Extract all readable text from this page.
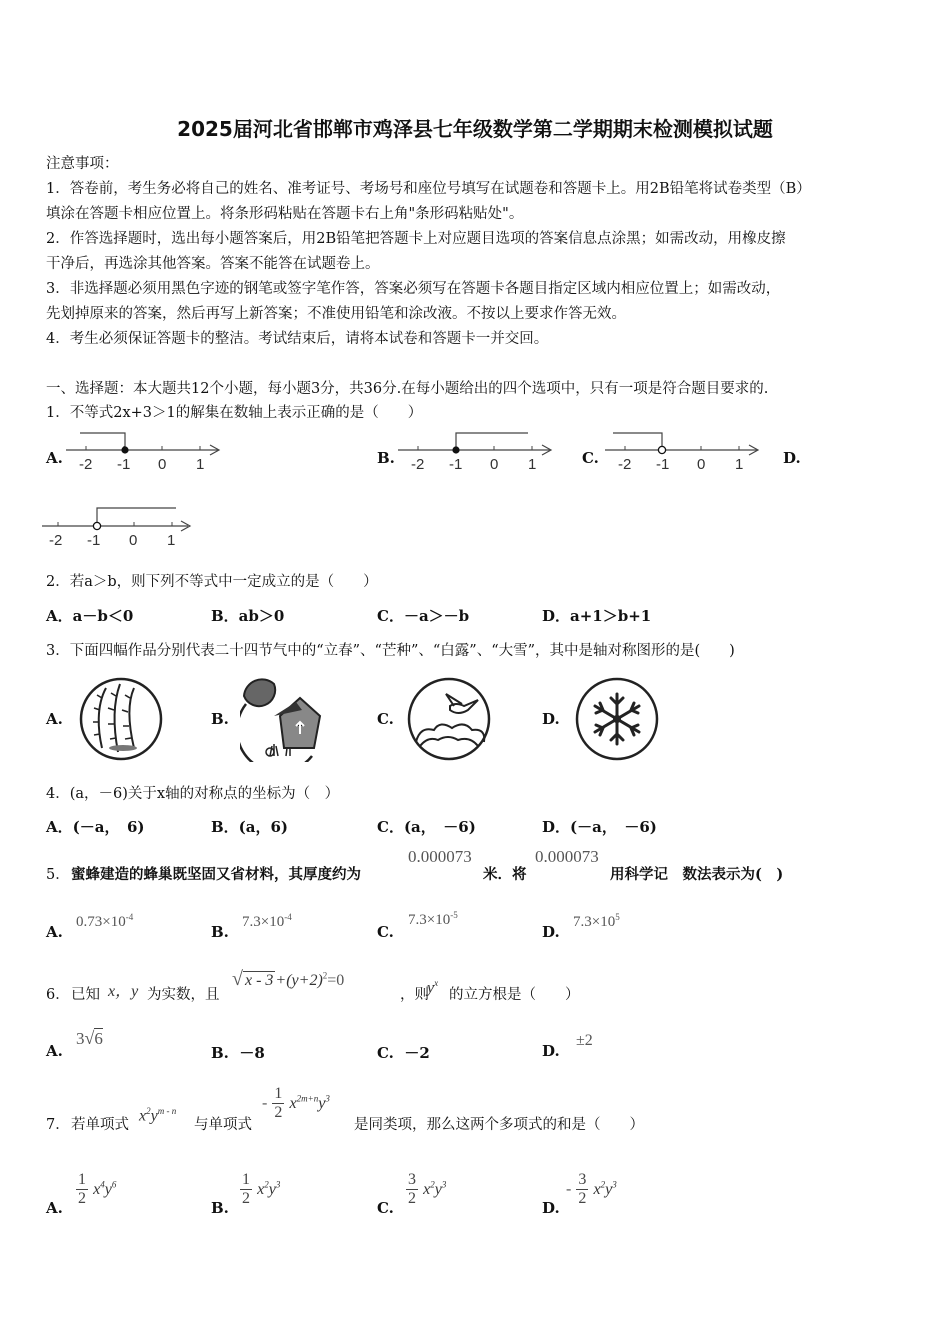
2025届河北省邯郸市鸡泽县七年级数学第二学期期末检测模拟试题
注意事项：
1．答卷前，考生务必将自己的姓名、准考证号、考场号和座位号填写在试题卷和答题卡上。用2B铅笔将试卷类型（B）
填涂在答题卡相应位置上。将条形码粘贴在答题卡右上角"条形码粘贴处"。
2．作答选择题时，选出每小题答案后，用2B铅笔把答题卡上对应题目选项的答案信息点涂黑；如需改动，用橡皮擦
干净后，再选涂其他答案。答案不能答在试题卷上。
3．非选择题必须用黑色字迹的钢笔或签字笔作答，答案必须写在答题卡各题目指定区域内相应位置上；如需改动，
先划掉原来的答案，然后再写上新答案；不准使用铅笔和涂改液。不按以上要求作答无效。
4．考生必须保证答题卡的整洁。考试结束后，请将本试卷和答题卡一并交回。
一、选择题：本大题共12个小题，每小题3分，共36分.在每小题给出的四个选项中，只有一项是符合题目要求的.
1．不等式2x+3＞1的解集在数轴上表示正确的是（　　）
A.	B.	C.	D.
-2 -1 0 1	-2 -1 0 1	-2 -1 0 1
-2 -1 0 1
2．若a＞b，则下列不等式中一定成立的是（　　）
A．a－b＜0	B．ab＞0	C．－a＞－b	D．a+1＞b+1
3．下面四幅作品分别代表二十四节气中的“立春”、“芒种”、“白露”、“大雪”，其中是轴对称图形的是(　　)
A.	B.	C.	D.
4．(a，－6)关于x轴的对称点的坐标为（　）
A．(－a，　6)	B．(a，6)	C．(a，　－6)	D．(－a，　－6)
5． 蜜蜂建造的蜂巢既坚固又省材料，其厚度约为
0.000073
米．将
0.000073
用科学记　数法表示为(　)
A.
$0.73\times 10^{-4}$
B.
$7.3\times 10^{-4}$
C.
$7.3\times 10^{-5}$
D.
$7.3\times 10^5$
6． 已知 x，y 为实数，且
√ $x - 3 +(y+2)^2=0$
，则
$y^x$
的立方根是（　　）
A.
3√6
B. －8	C. －2	D.
±2
7． 若单项式
$x^2y^{m - n}$
与单项式
- $\frac{1}{2} x^{2m+n}y^3$
是同类项，那么这两个多项式的和是（　　）
A. $\frac{1}{2} x^4y^6$
B. $\frac{1}{2} x^2y^3$
C. $\frac{3}{2} x^2y^3$
D.
- $\frac{3}{2} x^2y^3$
